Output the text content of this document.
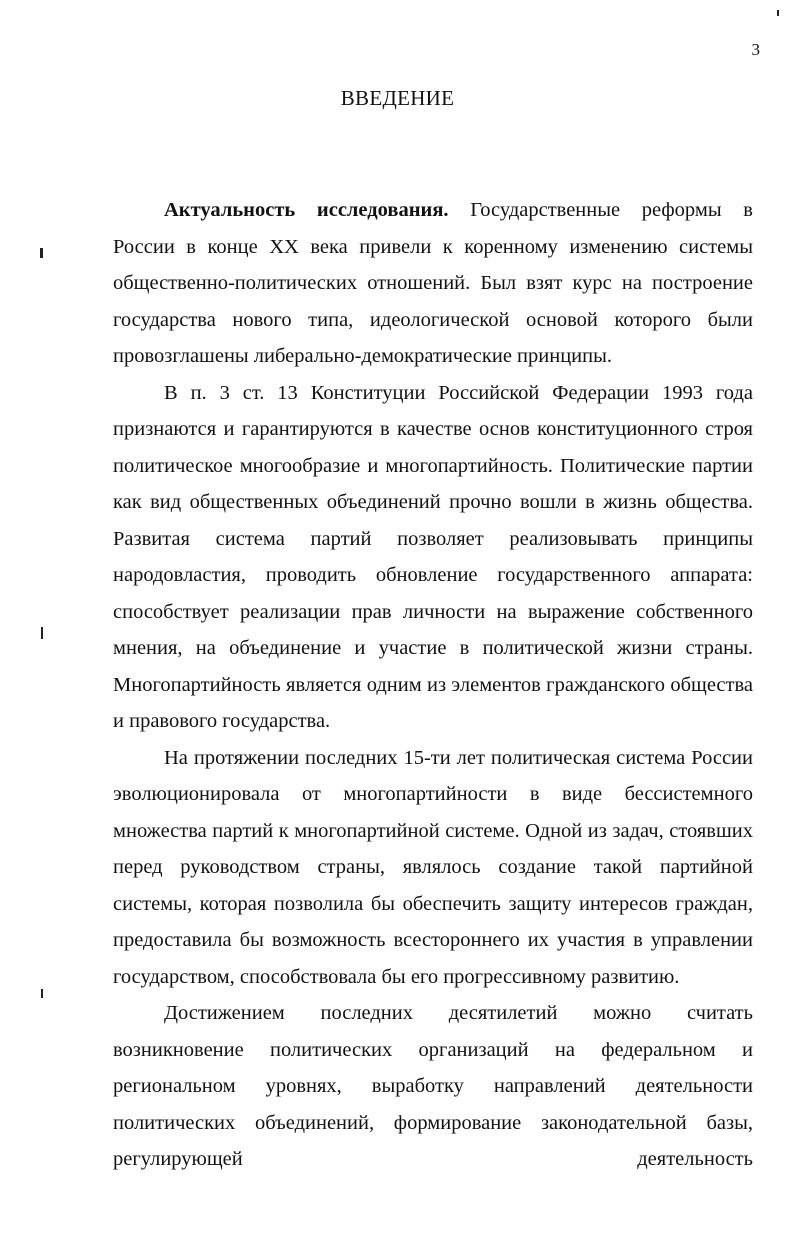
3
ВВЕДЕНИЕ

Актуальность исследования. Государственные реформы в России в конце XX века привели к коренному изменению системы общественно-политических отношений. Был взят курс на построение государства нового типа, идеологической основой которого были провозглашены либерально-демократические принципы.

В п. 3 ст. 13 Конституции Российской Федерации 1993 года признаются и гарантируются в качестве основ конституционного строя политическое многообразие и многопартийность. Политические партии как вид общественных объединений прочно вошли в жизнь общества. Развитая система партий позволяет реализовывать принципы народовластия, проводить обновление государственного аппарата: способствует реализации прав личности на выражение собственного мнения, на объединение и участие в политической жизни страны. Многопартийность является одним из элементов гражданского общества и правового государства.

На протяжении последних 15-ти лет политическая система России эволюционировала от многопартийности в виде бессистемного множества партий к многопартийной системе. Одной из задач, стоявших перед руководством страны, являлось создание такой партийной системы, которая позволила бы обеспечить защиту интересов граждан, предоставила бы возможность всестороннего их участия в управлении государством, способствовала бы его прогрессивному развитию.

Достижением последних десятилетий можно считать возникновение политических организаций на федеральном и региональном уровнях, выработку направлений деятельности политических объединений, формирование законодательной базы, регулирующей деятельность
